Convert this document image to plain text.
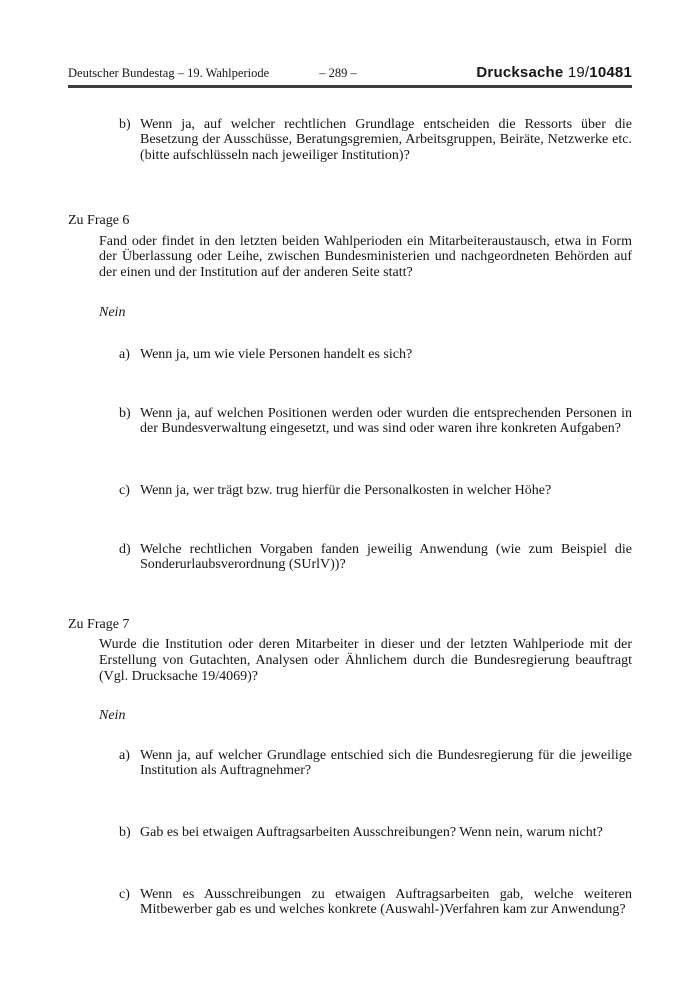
Deutscher Bundestag – 19. Wahlperiode	– 289 –	Drucksache 19/10481
b) Wenn ja, auf welcher rechtlichen Grundlage entscheiden die Ressorts über die Besetzung der Ausschüsse, Beratungsgremien, Arbeitsgruppen, Beiräte, Netzwerke etc. (bitte aufschlüsseln nach jeweiliger Institution)?
Zu Frage 6
Fand oder findet in den letzten beiden Wahlperioden ein Mitarbeiteraustausch, etwa in Form der Überlassung oder Leihe, zwischen Bundesministerien und nachgeordneten Behörden auf der einen und der Institution auf der anderen Seite statt?
Nein
a) Wenn ja, um wie viele Personen handelt es sich?
b) Wenn ja, auf welchen Positionen werden oder wurden die entsprechenden Personen in der Bundesverwaltung eingesetzt, und was sind oder waren ihre konkreten Aufgaben?
c) Wenn ja, wer trägt bzw. trug hierfür die Personalkosten in welcher Höhe?
d) Welche rechtlichen Vorgaben fanden jeweilig Anwendung (wie zum Beispiel die Sonderurlaubsverordnung (SUrlV))?
Zu Frage 7
Wurde die Institution oder deren Mitarbeiter in dieser und der letzten Wahlperiode mit der Erstellung von Gutachten, Analysen oder Ähnlichem durch die Bundesregierung beauftragt (Vgl. Drucksache 19/4069)?
Nein
a) Wenn ja, auf welcher Grundlage entschied sich die Bundesregierung für die jeweilige Institution als Auftragnehmer?
b) Gab es bei etwaigen Auftragsarbeiten Ausschreibungen? Wenn nein, warum nicht?
c) Wenn es Ausschreibungen zu etwaigen Auftragsarbeiten gab, welche weiteren Mitbewerber gab es und welches konkrete (Auswahl-)Verfahren kam zur Anwendung?
